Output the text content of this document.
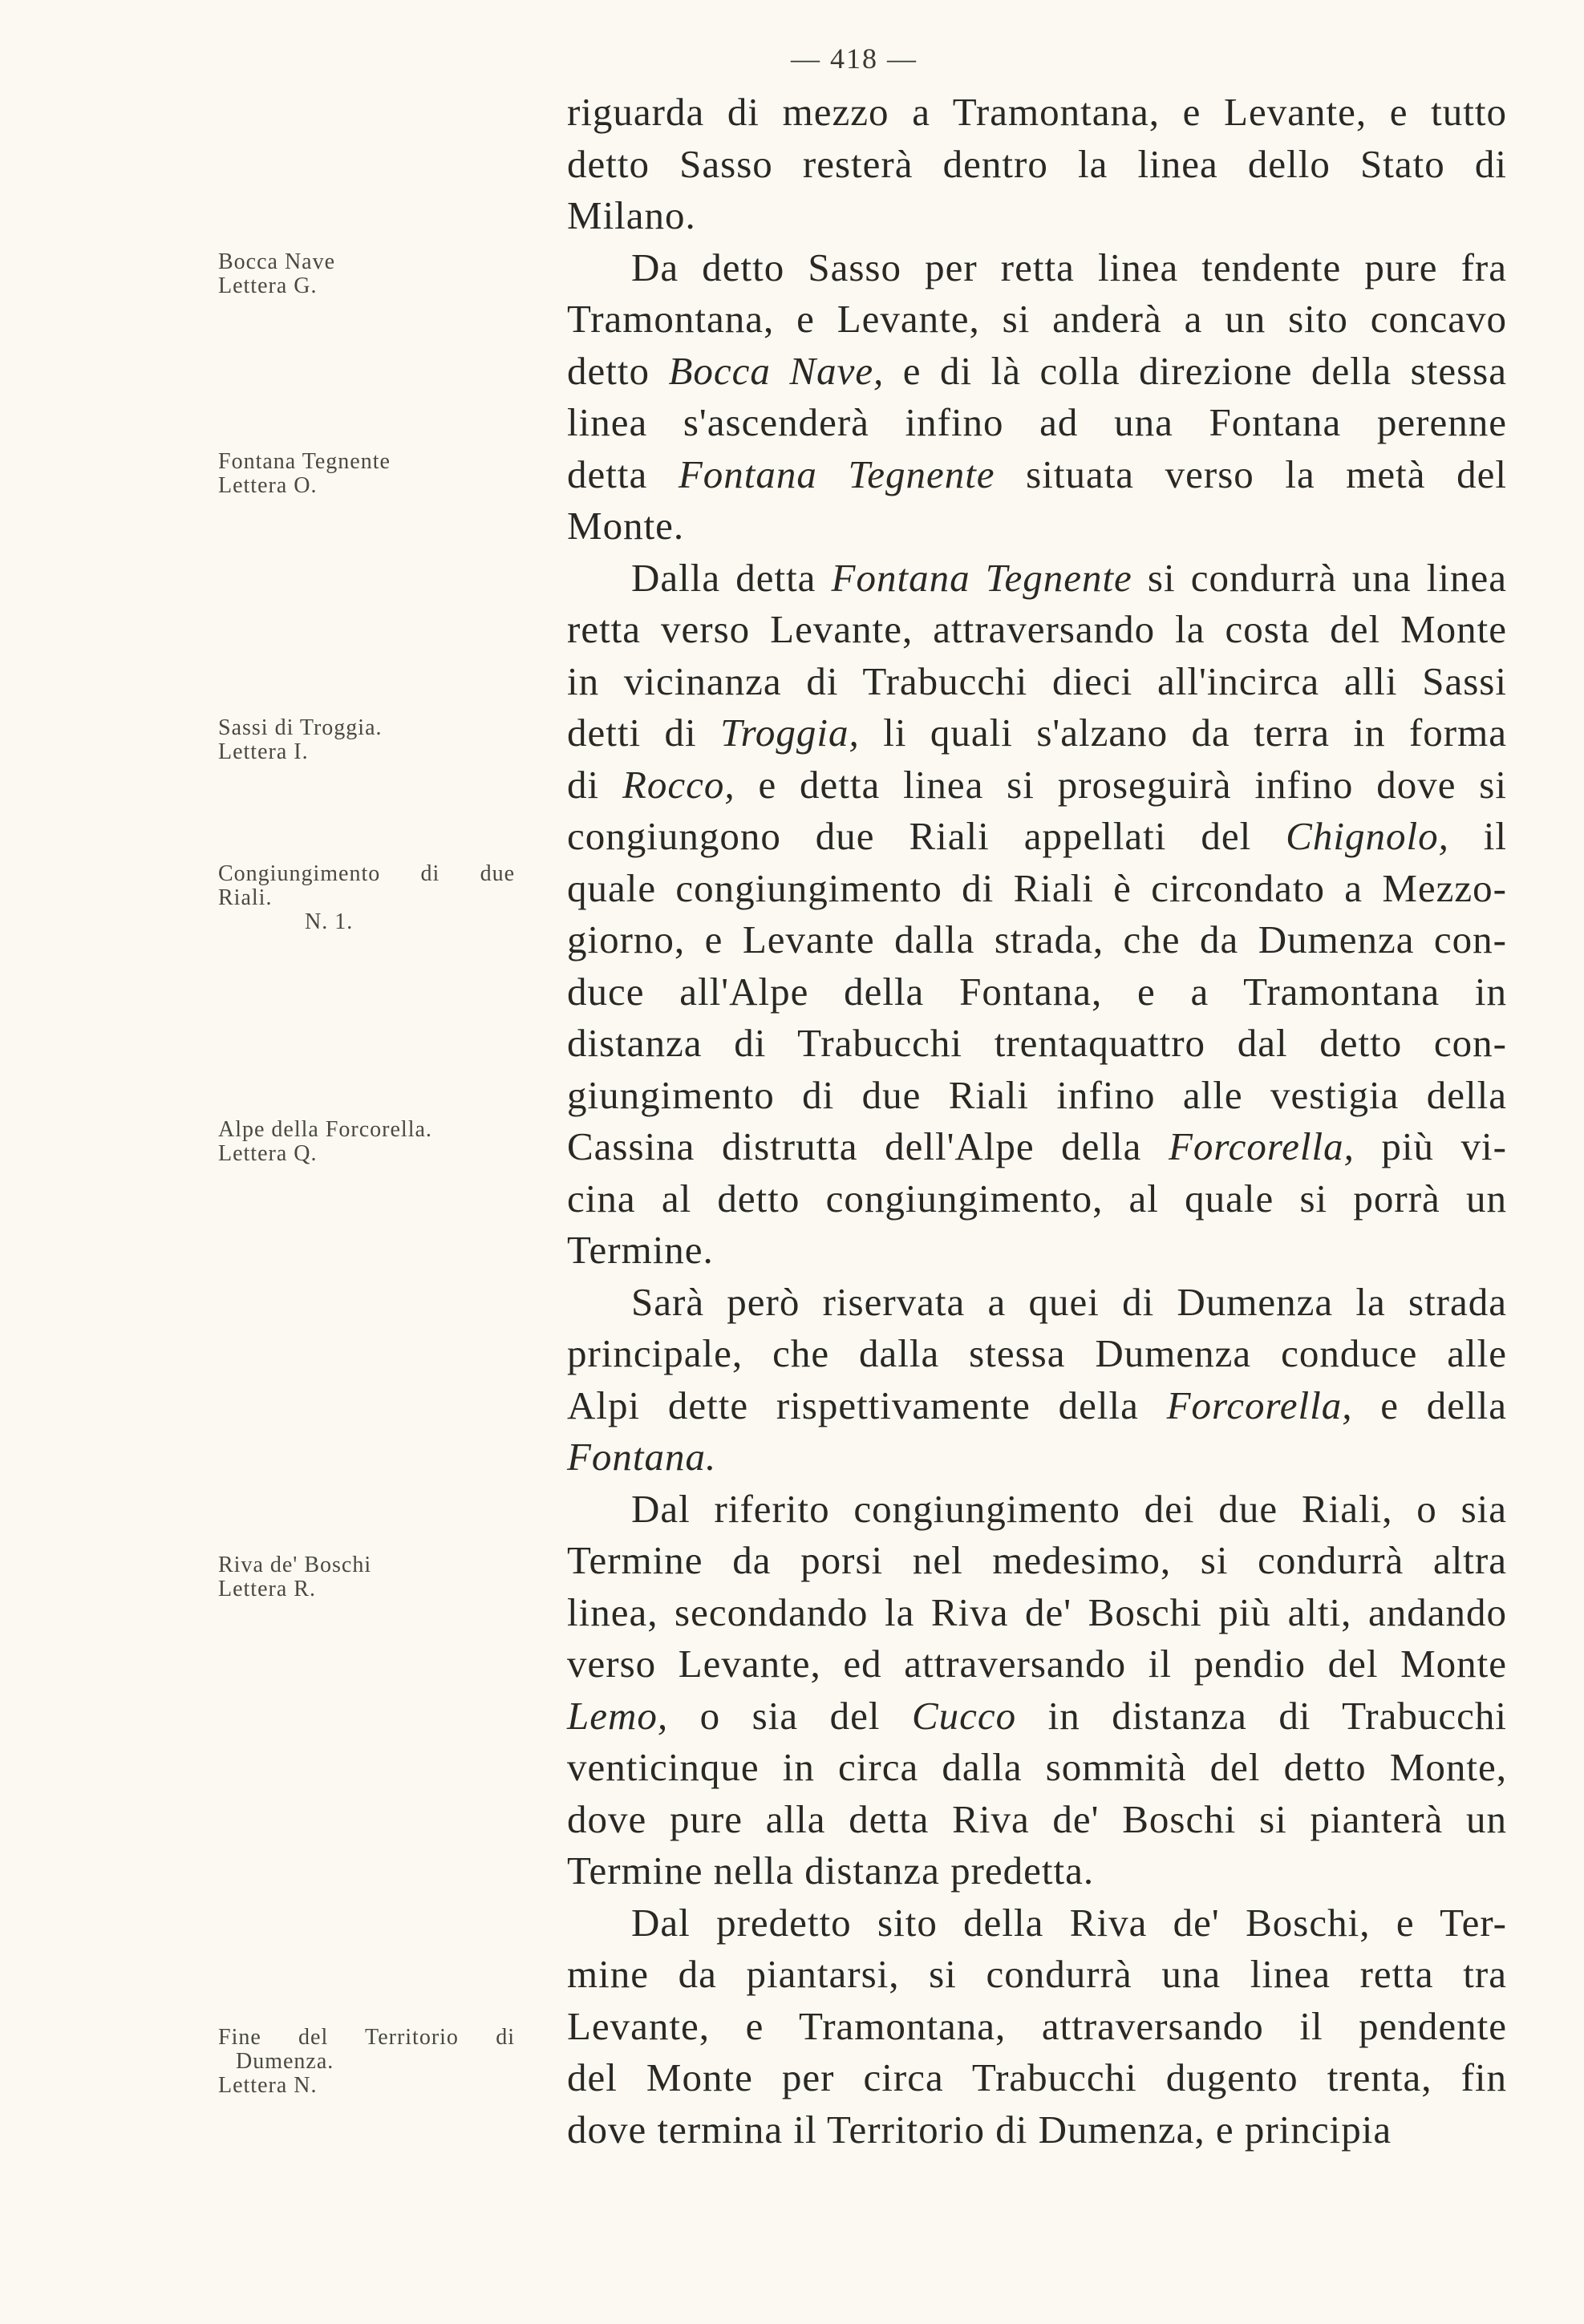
— 418 —
Bocca Nave
Lettera G.
Fontana Tegnente
Lettera O.
Sassi di Troggia.
Lettera I.
Congiungimento di due
Riali.
N. 1.
Alpe della Forcorella.
Lettera Q.
Riva de' Boschi
Lettera R.
Fine del Territorio di
Dumenza.
Lettera N.
riguarda di mezzo a Tramontana, e Levante, e tutto
detto Sasso resterà dentro la linea dello Stato di
Milano.
Da detto Sasso per retta linea tendente pure fra
Tramontana, e Levante, si anderà a un sito concavo
detto Bocca Nave, e di là colla direzione della stessa
linea s'ascenderà infino ad una Fontana perenne
detta Fontana Tegnente situata verso la metà del
Monte.
Dalla detta Fontana Tegnente si condurrà una linea
retta verso Levante, attraversando la costa del Monte
in vicinanza di Trabucchi dieci all'incirca alli Sassi
detti di Troggia, li quali s'alzano da terra in forma
di Rocco, e detta linea si proseguirà infino dove si
congiungono due Riali appellati del Chignolo, il
quale congiungimento di Riali è circondato a Mezzo-
giorno, e Levante dalla strada, che da Dumenza con-
duce all'Alpe della Fontana, e a Tramontana in
distanza di Trabucchi trentaquattro dal detto con-
giungimento di due Riali infino alle vestigia della
Cassina distrutta dell'Alpe della Forcorella, più vi-
cina al detto congiungimento, al quale si porrà un
Termine.
Sarà però riservata a quei di Dumenza la strada
principale, che dalla stessa Dumenza conduce alle
Alpi dette rispettivamente della Forcorella, e della
Fontana.
Dal riferito congiungimento dei due Riali, o sia
Termine da porsi nel medesimo, si condurrà altra
linea, secondando la Riva de' Boschi più alti, andando
verso Levante, ed attraversando il pendio del Monte
Lemo, o sia del Cucco in distanza di Trabucchi
venticinque in circa dalla sommità del detto Monte,
dove pure alla detta Riva de' Boschi si pianterà un
Termine nella distanza predetta.
Dal predetto sito della Riva de' Boschi, e Ter-
mine da piantarsi, si condurrà una linea retta tra
Levante, e Tramontana, attraversando il pendente
del Monte per circa Trabucchi dugento trenta, fin
dove termina il Territorio di Dumenza, e principia
